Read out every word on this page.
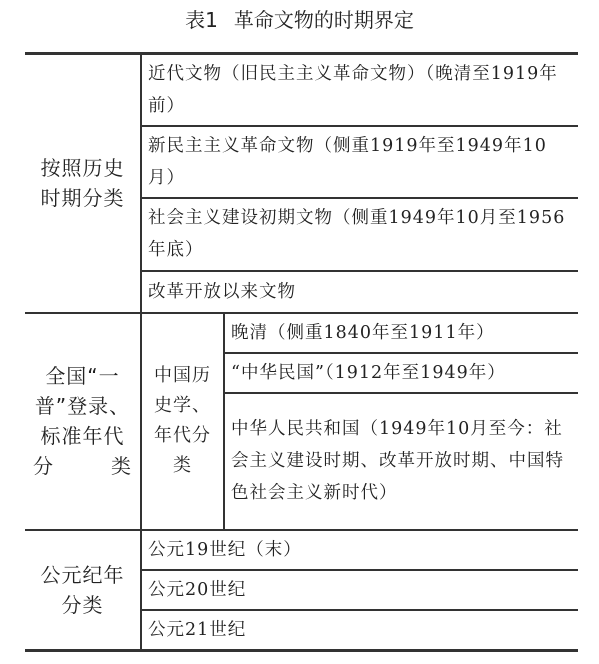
表1 革命文物的时期界定
按照历史时期分类	近代文物（旧民主主义革命文物）（晚清至1919年前）	
	新民主主义革命文物（侧重1919年至1949年10月）	
	社会主义建设初期文物（侧重1949年10月至1956年底）	
	改革开放以来文物	
全国“一普”登录、标准年代分类	中国历史学、年代分类	晚清（侧重1840年至1911年）
		“中华民国”（1912年至1949年）
		中华人民共和国（1949年10月至今：社会主义建设时期、改革开放时期、中国特色社会主义新时代）
公元纪年分类	公元19世纪（末）	
	公元20世纪	
	公元21世纪	
